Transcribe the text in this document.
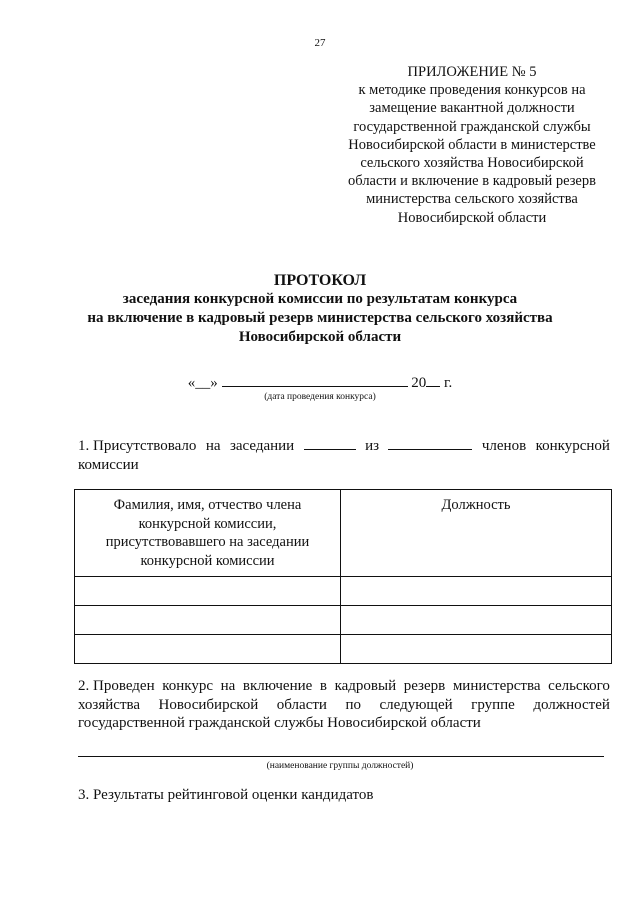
27
ПРИЛОЖЕНИЕ № 5
к методике проведения конкурсов на
замещение вакантной должности
государственной гражданской службы
Новосибирской области в министерстве
сельского хозяйства Новосибирской
области и включение в кадровый резерв
министерства сельского хозяйства
Новосибирской области
ПРОТОКОЛ
заседания конкурсной комиссии по результатам конкурса
на включение в кадровый резерв министерства сельского хозяйства
Новосибирской области
«__»	20 г.
(дата проведения конкурса)
1. Присутствовало на заседании	из	членов конкурсной
комиссии
Фамилия, имя, отчество члена
конкурсной комиссии,
присутствовавшего на заседании
конкурсной комиссии	Должность

2. Проведен конкурс на включение в кадровый резерв министерства сельского
хозяйства Новосибирской области по следующей группе должностей
государственной гражданской службы Новосибирской области
(наименование группы должностей)
3. Результаты рейтинговой оценки кандидатов
